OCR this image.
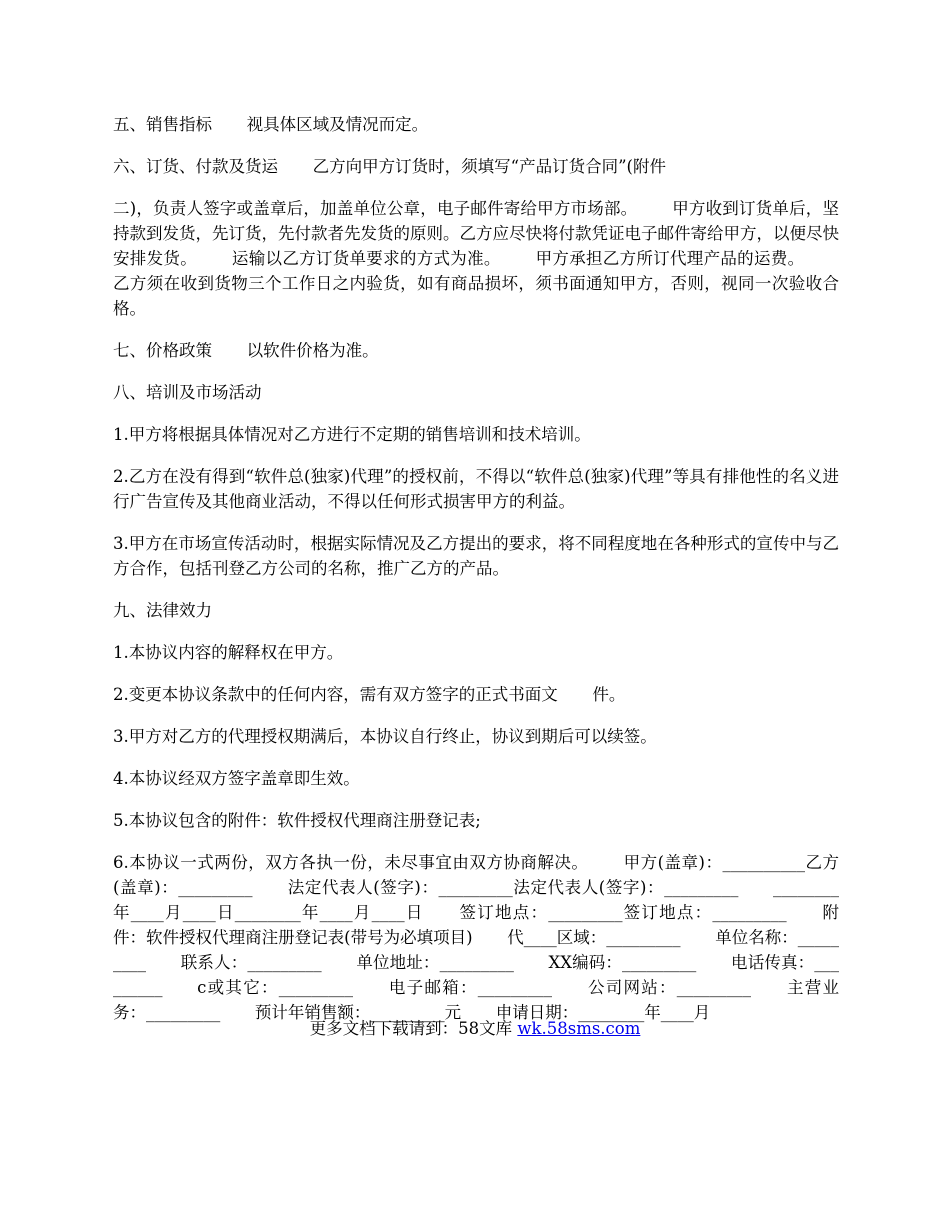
五、销售指标 视具体区域及情况而定。

六、订货、付款及货运 乙方向甲方订货时，须填写“产品订货合同”(附件

二)，负责人签字或盖章后，加盖单位公章，电子邮件寄给甲方市场部。 甲方收到订货单后，坚持款到发货，先订货，先付款者先发货的原则。乙方应尽快将付款凭证电子邮件寄给甲方，以便尽快安排发货。 运输以乙方订货单要求的方式为准。 甲方承担乙方所订代理产品的运费。乙方须在收到货物三个工作日之内验货，如有商品损坏，须书面通知甲方，否则，视同一次验收合格。

七、价格政策 以软件价格为准。

八、培训及市场活动

1.甲方将根据具体情况对乙方进行不定期的销售培训和技术培训。

2.乙方在没有得到“软件总(独家)代理”的授权前，不得以“软件总(独家)代理”等具有排他性的名义进行广告宣传及其他商业活动，不得以任何形式损害甲方的利益。

3.甲方在市场宣传活动时，根据实际情况及乙方提出的要求，将不同程度地在各种形式的宣传中与乙方合作，包括刊登乙方公司的名称，推广乙方的产品。

九、法律效力

1.本协议内容的解释权在甲方。

2.变更本协议条款中的任何内容，需有双方签字的正式书面文 件。

3.甲方对乙方的代理授权期满后，本协议自行终止，协议到期后可以续签。

4.本协议经双方签字盖章即生效。

5.本协议包含的附件：软件授权代理商注册登记表;

6.本协议一式两份，双方各执一份，未尽事宜由双方协商解决。 甲方(盖章)：__________乙方(盖章)：_________ 法定代表人(签字)：_________法定代表人(签字)：_________ ________年____月____日________年____月____日 签订地点：_________签订地点：_________ 附件：软件授权代理商注册登记表(带号为必填项目) 代____区域：_________ 单位名称：_________ 联系人：_________ 单位地址：_________ XX编码：_________ 电话传真：_________ c或其它：_________ 电子邮箱：_________ 公司网站：_________ 主营业务：_________ 预计年销售额：_________元 申请日期：________年____月

更多文档下载请到：58文库 wk.58sms.com
